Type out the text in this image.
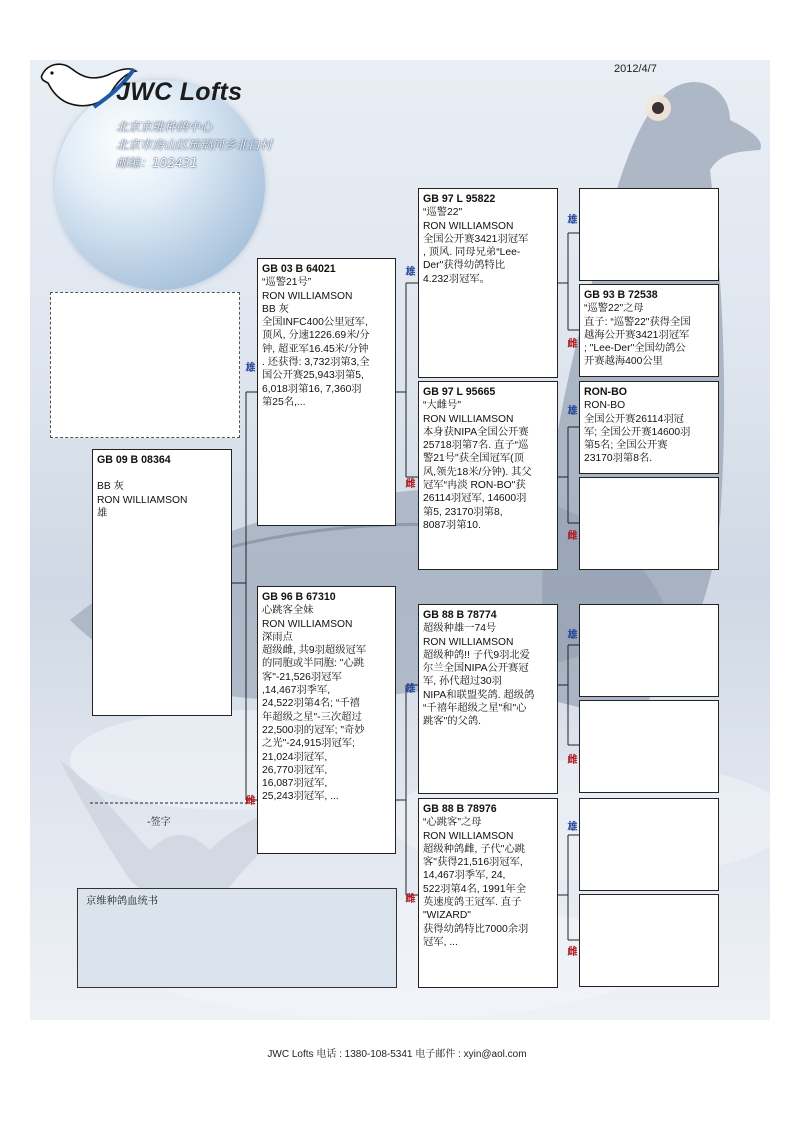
2012/4/7
JWC Lofts
北京京维种鸽中心
北京市房山区琉璃河乡北白村
邮编：102431
GB 09 B 08364
BB 灰
RON WILLIAMSON
雄
GB 03 B 64021
“巡警21号”
RON WILLIAMSON
BB 灰
全国INFC400公里冠军,
顶风, 分速1226.69米/分
钟, 超亚军16.45米/分钟
. 还获得: 3,732羽第3,全
国公开赛25,943羽第5,
6,018羽第16, 7,360羽
第25名,...
GB 96 B 67310
心跳客全妹
RON WILLIAMSON
深雨点
超级雌, 共9羽超级冠军
的同胞或半同胞: "心跳
客"-21,526羽冠军
,14,467羽季军,
24,522羽第4名; “千禧
年超级之星"-三次超过
22,500羽的冠军; "奇妙
之光"-24,915羽冠军;
21,024羽冠军,
26,770羽冠军,
16,087羽冠军,
25,243羽冠军, ...
GB 97 L 95822
“巡警22"
RON WILLIAMSON
全国公开赛3421羽冠军
, 顶风. 同母兄弟“Lee-
Der"获得幼鸽特比
4.232羽冠军。
GB 97 L 95665
“大雌号"
RON WILLIAMSON
本身获NIPA全国公开赛
25718羽第7名. 直子“巡
警21号"获全国冠军(顶
风,领先18米/分钟). 其父
冠军“冉淡 RON-BO"获
26114羽冠军, 14600羽
第5, 23170羽第8,
8087羽第10.
GB 88 B 78774
超级种雄一74号
RON WILLIAMSON
超级种鸽!! 子代9羽北爱
尔兰全国NIPA公开赛冠
军, 孙代超过30羽
NIPA和联盟奖鸽. 超级鸽
“千禧年超级之星"和"心
跳客"的父鸽.
GB 88 B 78976
“心跳客"之母
RON WILLIAMSON
超级种鸽雌, 子代"心跳
客"获得21,516羽冠军,
14,467羽季军, 24,
522羽第4名, 1991年全
英速度鸽王冠军. 直子
"WIZARD"
获得幼鸽特比7000余羽
冠军, ...
GB 93 B 72538
“巡警22"之母
直子: “巡警22"获得全国
越海公开赛3421羽冠军
; "Lee-Der"全国幼鸽公
开赛越海400公里
RON-BO
RON-BO
全国公开赛26114羽冠
军; 全国公开赛14600羽
第5名; 全国公开赛
23170羽第8名.
雄
雌
雄
雌
雄
雌
雄
雌
雄
雌
雄
雌
雄
雌
-签字
京维种鸽血统书
JWC Lofts 电话 : 1380-108-5341 电子邮件 : xyin@aol.com
